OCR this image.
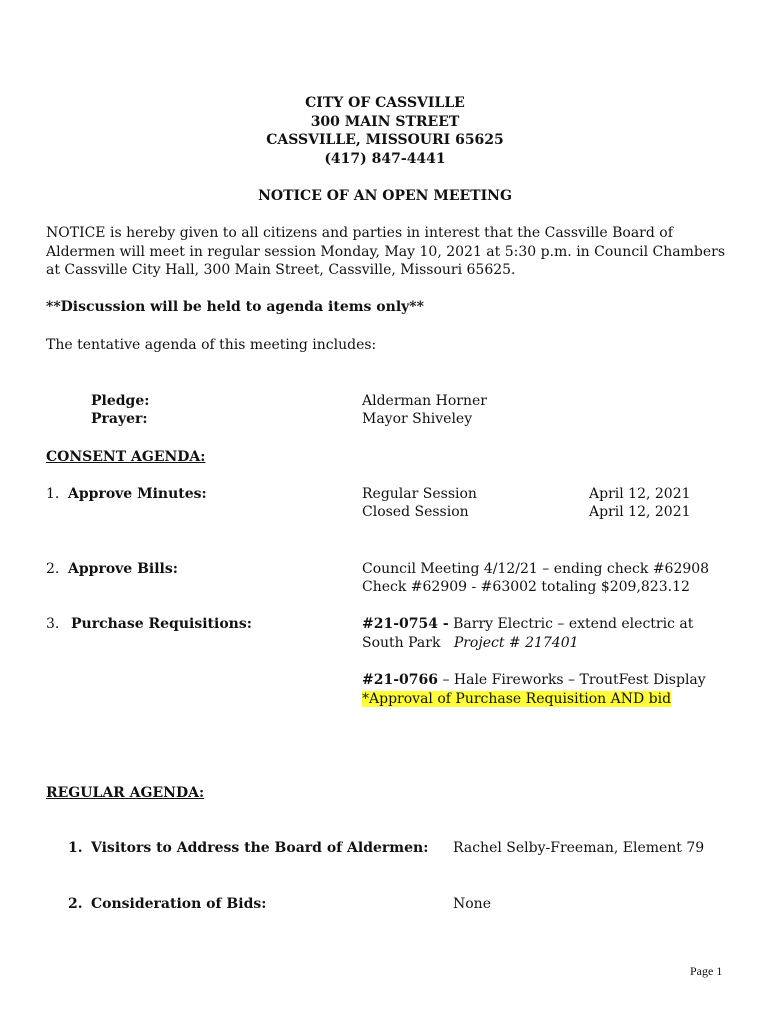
CITY OF CASSVILLE
300 MAIN STREET
CASSVILLE, MISSOURI 65625
(417) 847-4441
NOTICE OF AN OPEN MEETING
NOTICE is hereby given to all citizens and parties in interest that the Cassville Board of
Aldermen will meet in regular session Monday, May 10, 2021 at 5:30 p.m. in Council Chambers
at Cassville City Hall, 300 Main Street, Cassville, Missouri 65625.
**Discussion will be held to agenda items only**
The tentative agenda of this meeting includes:
Pledge:	Alderman Horner
Prayer:	Mayor Shiveley
CONSENT AGENDA:
1. Approve Minutes:	Regular Session	April 12, 2021
Closed Session	April 12, 2021
2. Approve Bills:	Council Meeting 4/12/21 – ending check #62908
Check #62909 - #63002 totaling $209,823.12
3. Purchase Requisitions:	#21-0754 - Barry Electric – extend electric at
South Park Project # 217401
#21-0766 – Hale Fireworks – TroutFest Display
*Approval of Purchase Requisition AND bid
REGULAR AGENDA:
1. Visitors to Address the Board of Aldermen: Rachel Selby-Freeman, Element 79
2. Consideration of Bids:	None
Page 1
